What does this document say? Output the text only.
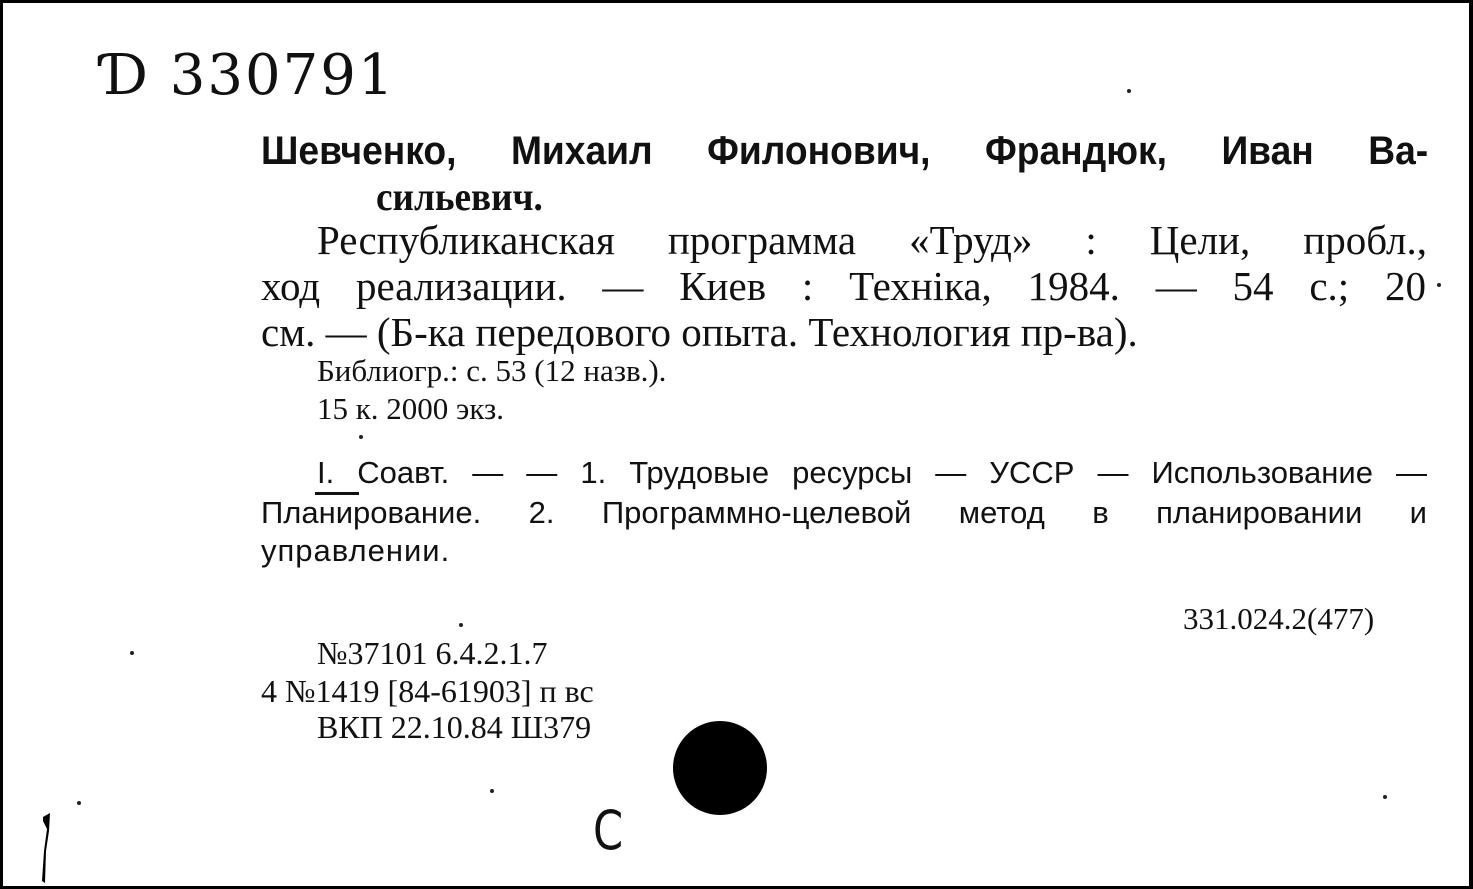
Ɗ 330791
Шевченко, Михаил Филонович, Франдюк, Иван Ва-
сильевич.
Республиканская программа «Труд» : Цели, пробл.,
ход реализации. — Киев : Техніка, 1984. — 54 с.; 20
см. — (Б-ка передового опыта. Технология пр-ва).
Библиогр.: с. 53 (12 назв.).
15 к. 2000 экз.
I. Соавт. — — 1. Трудовые ресурсы — УССР — Использование —
Планирование. 2. Программно-целевой метод в планировании и
управлении.
331.024.2(477)
№37101 6.4.2.1.7
4 №1419 [84-61903] п вс
ВКП 22.10.84 Ш379
С
